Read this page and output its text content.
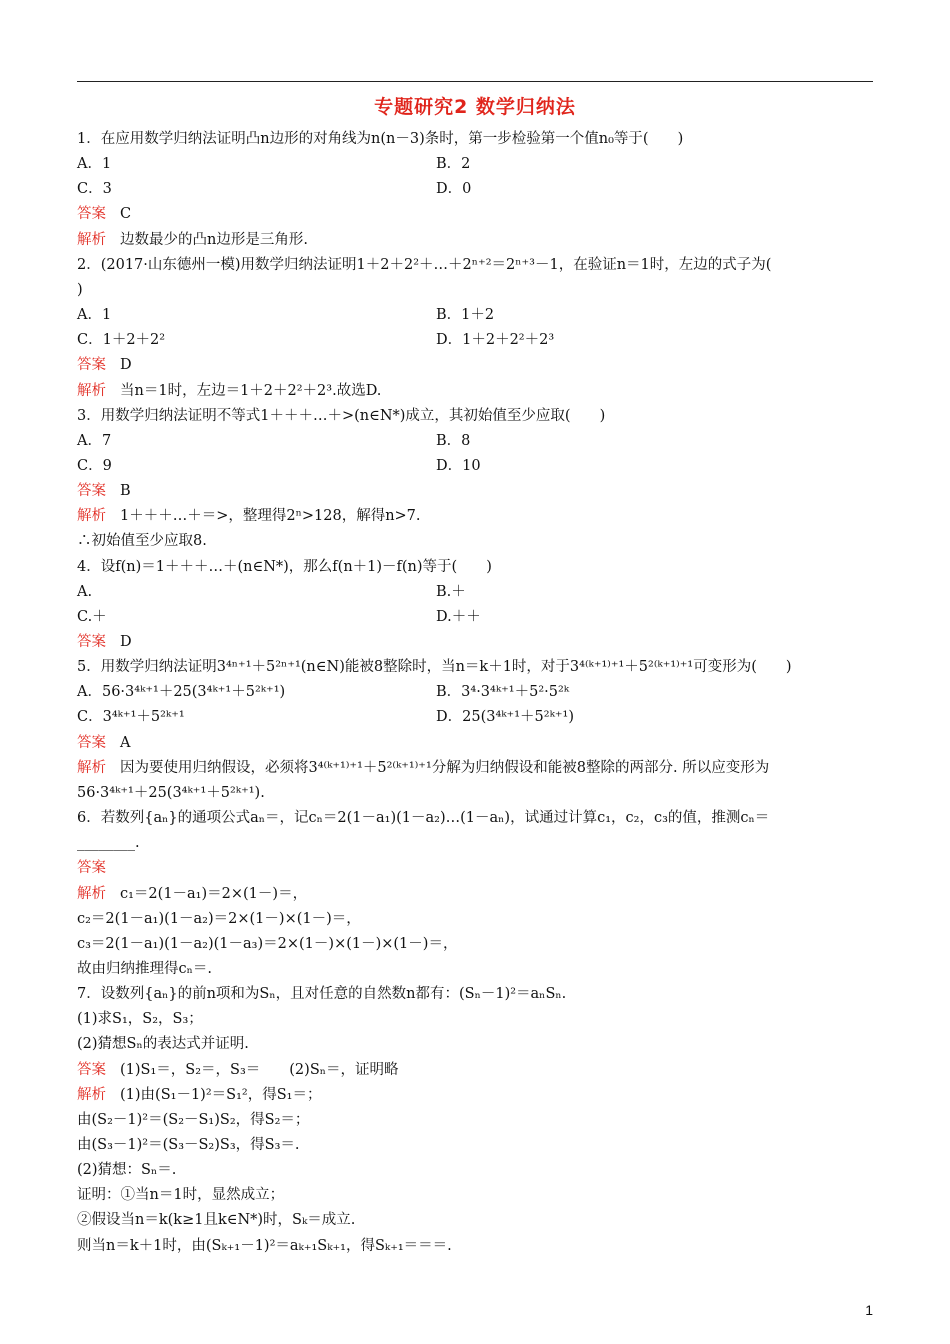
专题研究2 数学归纳法
1．在应用数学归纳法证明凸n边形的对角线为n(n－3)条时，第一步检验第一个值n₀等于(　　)
A．1	B．2
C．3	D．0
答案 C
解析 边数最少的凸n边形是三角形.
2．(2017·山东德州一模)用数学归纳法证明1＋2＋2²＋…＋2ⁿ⁺²＝2ⁿ⁺³－1，在验证n＝1时，左边的式子为(
)
A．1	B．1＋2
C．1＋2＋2²	D．1＋2＋2²＋2³
答案 D
解析 当n＝1时，左边＝1＋2＋2²＋2³.故选D.
3．用数学归纳法证明不等式1＋＋＋…＋>(n∈N*)成立，其初始值至少应取(　　)
A．7	B．8
C．9	D．10
答案 B
解析 1＋＋＋…＋＝>，整理得2ⁿ>128，解得n>7.
∴初始值至少应取8.
4．设f(n)＝1＋＋＋…＋(n∈N*)，那么f(n＋1)－f(n)等于(　　)
A.	B.＋
C.＋	D.＋＋
答案 D
5．用数学归纳法证明3⁴ⁿ⁺¹＋5²ⁿ⁺¹(n∈N)能被8整除时，当n＝k＋1时，对于3⁴⁽ᵏ⁺¹⁾⁺¹＋5²⁽ᵏ⁺¹⁾⁺¹可变形为(　　)
A．56·3⁴ᵏ⁺¹＋25(3⁴ᵏ⁺¹＋5²ᵏ⁺¹)	B．3⁴·3⁴ᵏ⁺¹＋5²·5²ᵏ
C．3⁴ᵏ⁺¹＋5²ᵏ⁺¹	D．25(3⁴ᵏ⁺¹＋5²ᵏ⁺¹)
答案 A
解析 因为要使用归纳假设，必须将3⁴⁽ᵏ⁺¹⁾⁺¹＋5²⁽ᵏ⁺¹⁾⁺¹分解为归纳假设和能被8整除的两部分. 所以应变形为
56·3⁴ᵏ⁺¹＋25(3⁴ᵏ⁺¹＋5²ᵏ⁺¹).
6．若数列{aₙ}的通项公式aₙ＝，记cₙ＝2(1－a₁)(1－a₂)…(1－aₙ)，试通过计算c₁，c₂，c₃的值，推测cₙ＝
________.
答案
解析 c₁＝2(1－a₁)＝2×(1－)＝，
c₂＝2(1－a₁)(1－a₂)＝2×(1－)×(1－)＝，
c₃＝2(1－a₁)(1－a₂)(1－a₃)＝2×(1－)×(1－)×(1－)＝，
故由归纳推理得cₙ＝.
7．设数列{aₙ}的前n项和为Sₙ，且对任意的自然数n都有：(Sₙ－1)²＝aₙSₙ.
(1)求S₁，S₂，S₃；
(2)猜想Sₙ的表达式并证明.
答案 (1)S₁＝，S₂＝，S₃＝　　(2)Sₙ＝，证明略
解析 (1)由(S₁－1)²＝S₁²，得S₁＝；
由(S₂－1)²＝(S₂－S₁)S₂，得S₂＝；
由(S₃－1)²＝(S₃－S₂)S₃，得S₃＝.
(2)猜想：Sₙ＝.
证明：①当n＝1时，显然成立；
②假设当n＝k(k≥1且k∈N*)时，Sₖ＝成立.
则当n＝k＋1时，由(Sₖ₊₁－1)²＝aₖ₊₁Sₖ₊₁，得Sₖ₊₁＝＝＝.
1
